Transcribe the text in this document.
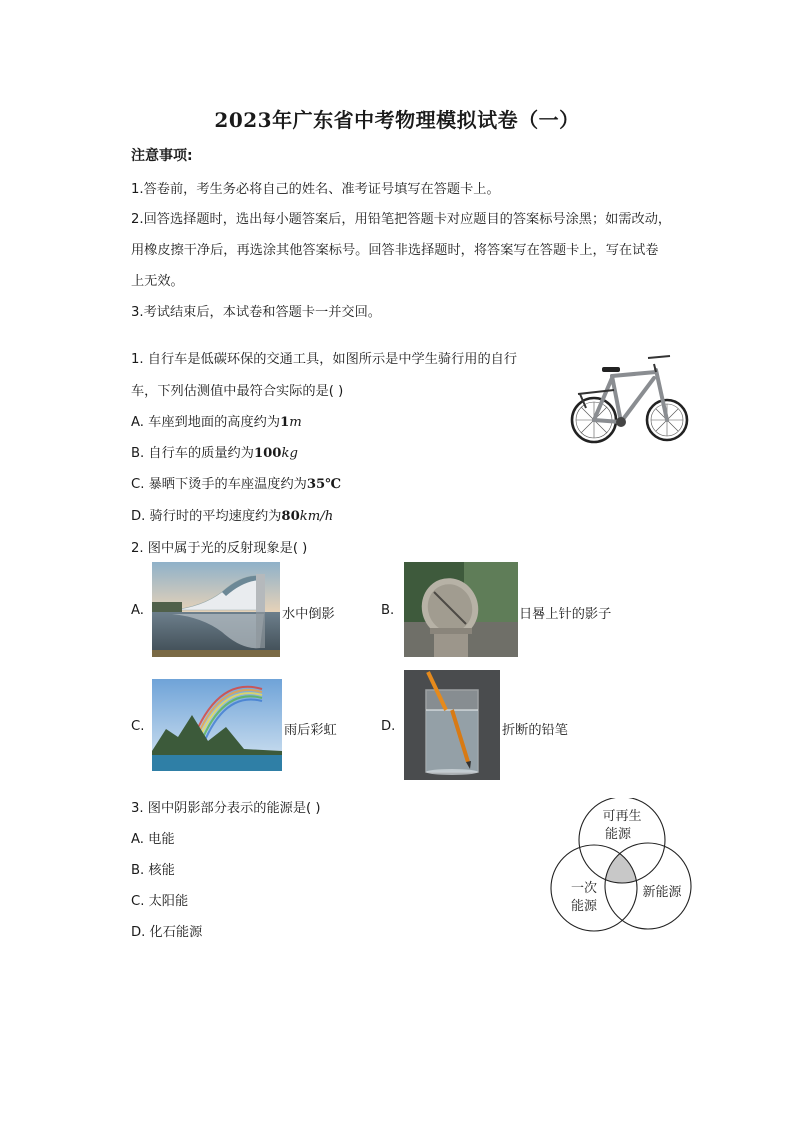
2023年广东省中考物理模拟试卷（一）
注意事项:
1.答卷前，考生务必将自己的姓名、准考证号填写在答题卡上。
2.回答选择题时，选出每小题答案后，用铅笔把答题卡对应题目的答案标号涂黑；如需改动，
用橡皮擦干净后，再选涂其他答案标号。回答非选择题时，将答案写在答题卡上，写在试卷
上无效。
3.考试结束后，本试卷和答题卡一并交回。
1. 自行车是低碳环保的交通工具，如图所示是中学生骑行用的自行
车，下列估测值中最符合实际的是( )
A. 车座到地面的高度约为1m
B. 自行车的质量约为100kg
C. 暴晒下烫手的车座温度约为35℃
D. 骑行时的平均速度约为80km/h
2. 图中属于光的反射现象是( )
A.	水中倒影	B.	日晷上针的影子
C.	雨后彩虹	D.	折断的铅笔
3. 图中阴影部分表示的能源是( )
A. 电能
B. 核能
C. 太阳能
D. 化石能源
可再生
能源
一次
能源
新能源
